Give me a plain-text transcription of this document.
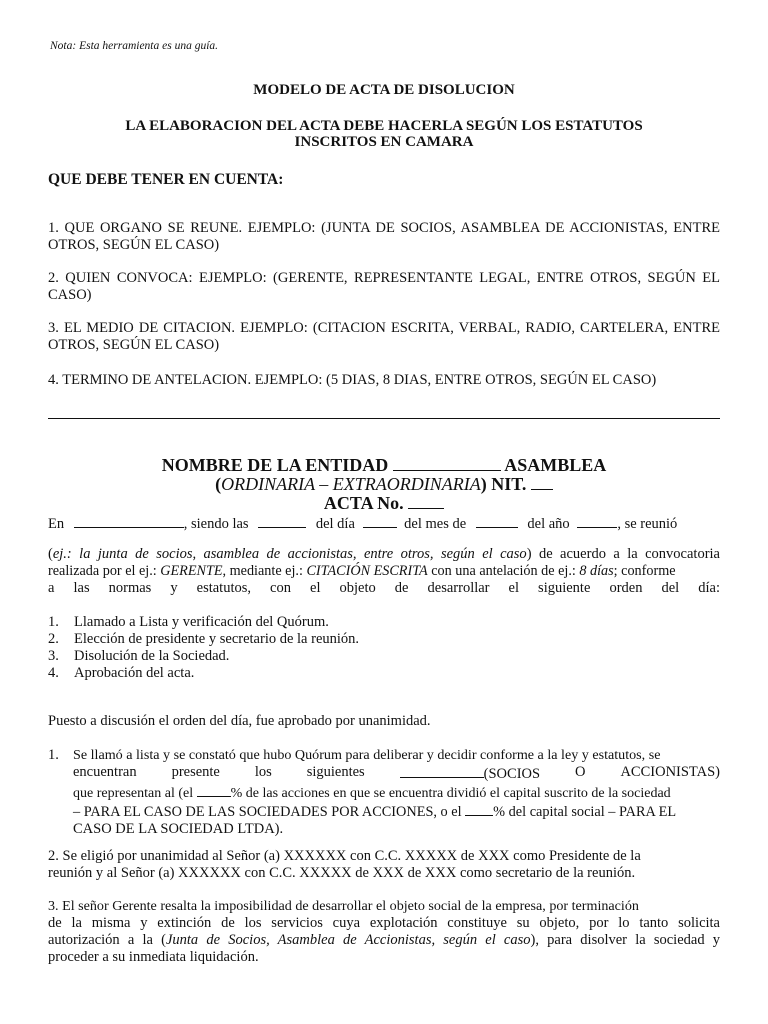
Nota: Esta herramienta es una guía.
MODELO DE ACTA DE DISOLUCION
LA ELABORACION DEL ACTA DEBE HACERLA SEGÚN LOS ESTATUTOS
INSCRITOS EN CAMARA
QUE DEBE TENER EN CUENTA:
1. QUE ORGANO SE REUNE. EJEMPLO: (JUNTA DE SOCIOS, ASAMBLEA DE ACCIONISTAS, ENTRE OTROS, SEGÚN EL CASO)
2. QUIEN CONVOCA: EJEMPLO: (GERENTE, REPRESENTANTE LEGAL, ENTRE OTROS, SEGÚN EL CASO)
3. EL MEDIO DE CITACION. EJEMPLO: (CITACION ESCRITA, VERBAL, RADIO, CARTELERA, ENTRE OTROS, SEGÚN EL CASO)
4. TERMINO DE ANTELACION. EJEMPLO: (5 DIAS, 8 DIAS, ENTRE OTROS, SEGÚN EL CASO)
NOMBRE DE LA ENTIDAD	ASAMBLEA
(ORDINARIA – EXTRAORDINARIA) NIT.
ACTA No.
En	, siendo las	del día	del mes de	del año	, se reunió
(ej.: la junta de socios, asamblea de accionistas, entre otros, según el caso) de acuerdo a la convocatoria
realizada por el ej.: GERENTE, mediante ej.: CITACIÓN ESCRITA con una antelación de ej.: 8 días; conforme
a las normas y estatutos, con el objeto de desarrollar el siguiente orden del día:
1. Llamado a Lista y verificación del Quórum.
2. Elección de presidente y secretario de la reunión.
3. Disolución de la Sociedad.
4. Aprobación del acta.
Puesto a discusión el orden del día, fue aprobado por unanimidad.
1.	Se llamó a lista y se constató que hubo Quórum para deliberar y decidir conforme a la ley y estatutos, se
encuentran presente los siguientes	(SOCIOS O ACCIONISTAS)
que representan al (el % de las acciones en que se encuentra dividió el capital suscrito de la sociedad
– PARA EL CASO DE LAS SOCIEDADES POR ACCIONES, o el % del capital social – PARA EL
CASO DE LA SOCIEDAD LTDA).
2. Se eligió por unanimidad al Señor (a) XXXXXX con C.C. XXXXX de XXX como Presidente de la
reunión y al Señor (a) XXXXXX con C.C. XXXXX de XXX de XXX como secretario de la reunión.
3. El señor Gerente resalta la imposibilidad de desarrollar el objeto social de la empresa, por terminación
de la misma y extinción de los servicios cuya explotación constituye su objeto, por lo tanto solicita
autorización a la (Junta de Socios, Asamblea de Accionistas, según el caso), para disolver la sociedad y
proceder a su inmediata liquidación.
